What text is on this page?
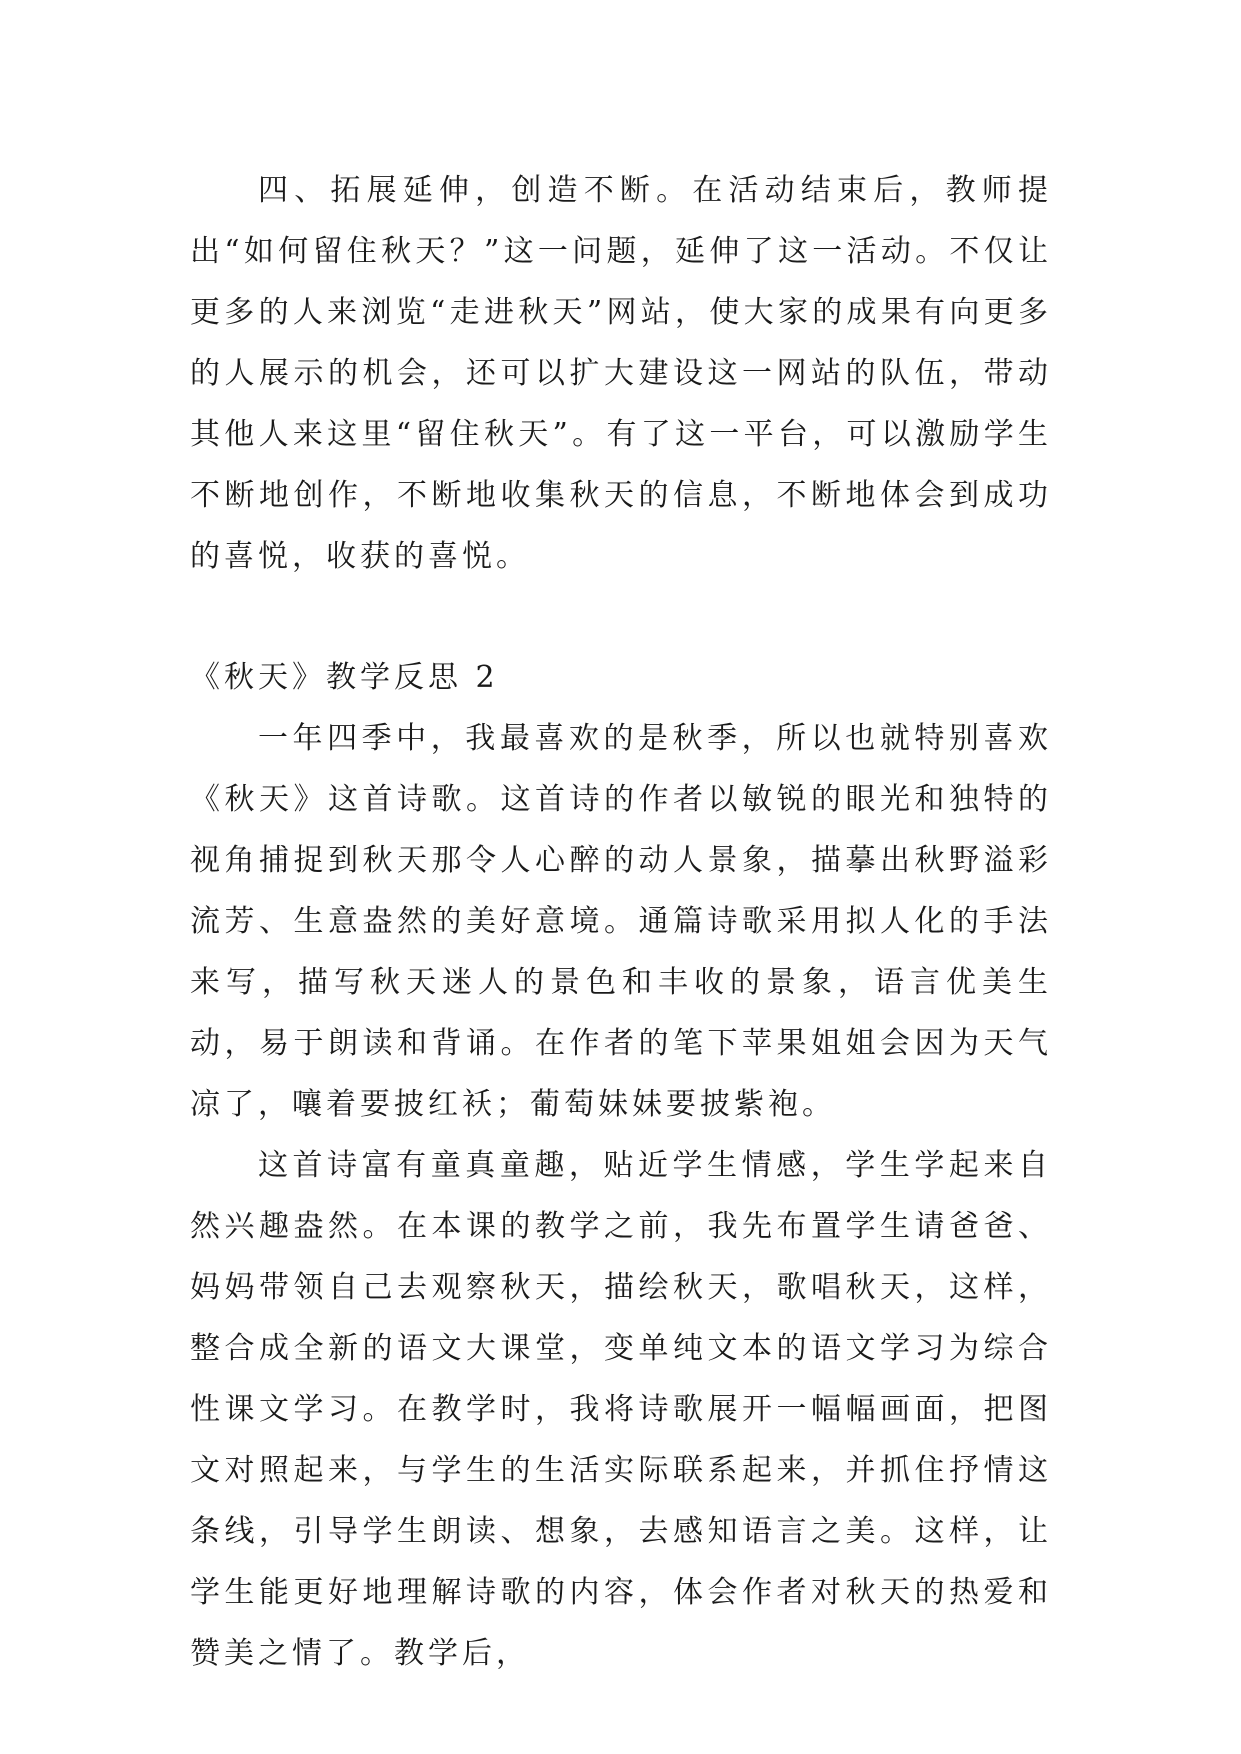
四、拓展延伸，创造不断。在活动结束后，教师提出“如何留住秋天？”这一问题，延伸了这一活动。不仅让更多的人来浏览“走进秋天”网站，使大家的成果有向更多的人展示的机会，还可以扩大建设这一网站的队伍，带动其他人来这里“留住秋天”。有了这一平台，可以激励学生不断地创作，不断地收集秋天的信息，不断地体会到成功的喜悦，收获的喜悦。

《秋天》教学反思 2

一年四季中，我最喜欢的是秋季，所以也就特别喜欢《秋天》这首诗歌。这首诗的作者以敏锐的眼光和独特的视角捕捉到秋天那令人心醉的动人景象，描摹出秋野溢彩流芳、生意盎然的美好意境。通篇诗歌采用拟人化的手法来写，描写秋天迷人的景色和丰收的景象，语言优美生动，易于朗读和背诵。在作者的笔下苹果姐姐会因为天气凉了，嚷着要披红袄；葡萄妹妹要披紫袍。

这首诗富有童真童趣，贴近学生情感，学生学起来自然兴趣盎然。在本课的教学之前，我先布置学生请爸爸、妈妈带领自己去观察秋天，描绘秋天，歌唱秋天，这样，整合成全新的语文大课堂，变单纯文本的语文学习为综合性课文学习。在教学时，我将诗歌展开一幅幅画面，把图文对照起来，与学生的生活实际联系起来，并抓住抒情这条线，引导学生朗读、想象，去感知语言之美。这样，让学生能更好地理解诗歌的内容，体会作者对秋天的热爱和赞美之情了。教学后，
